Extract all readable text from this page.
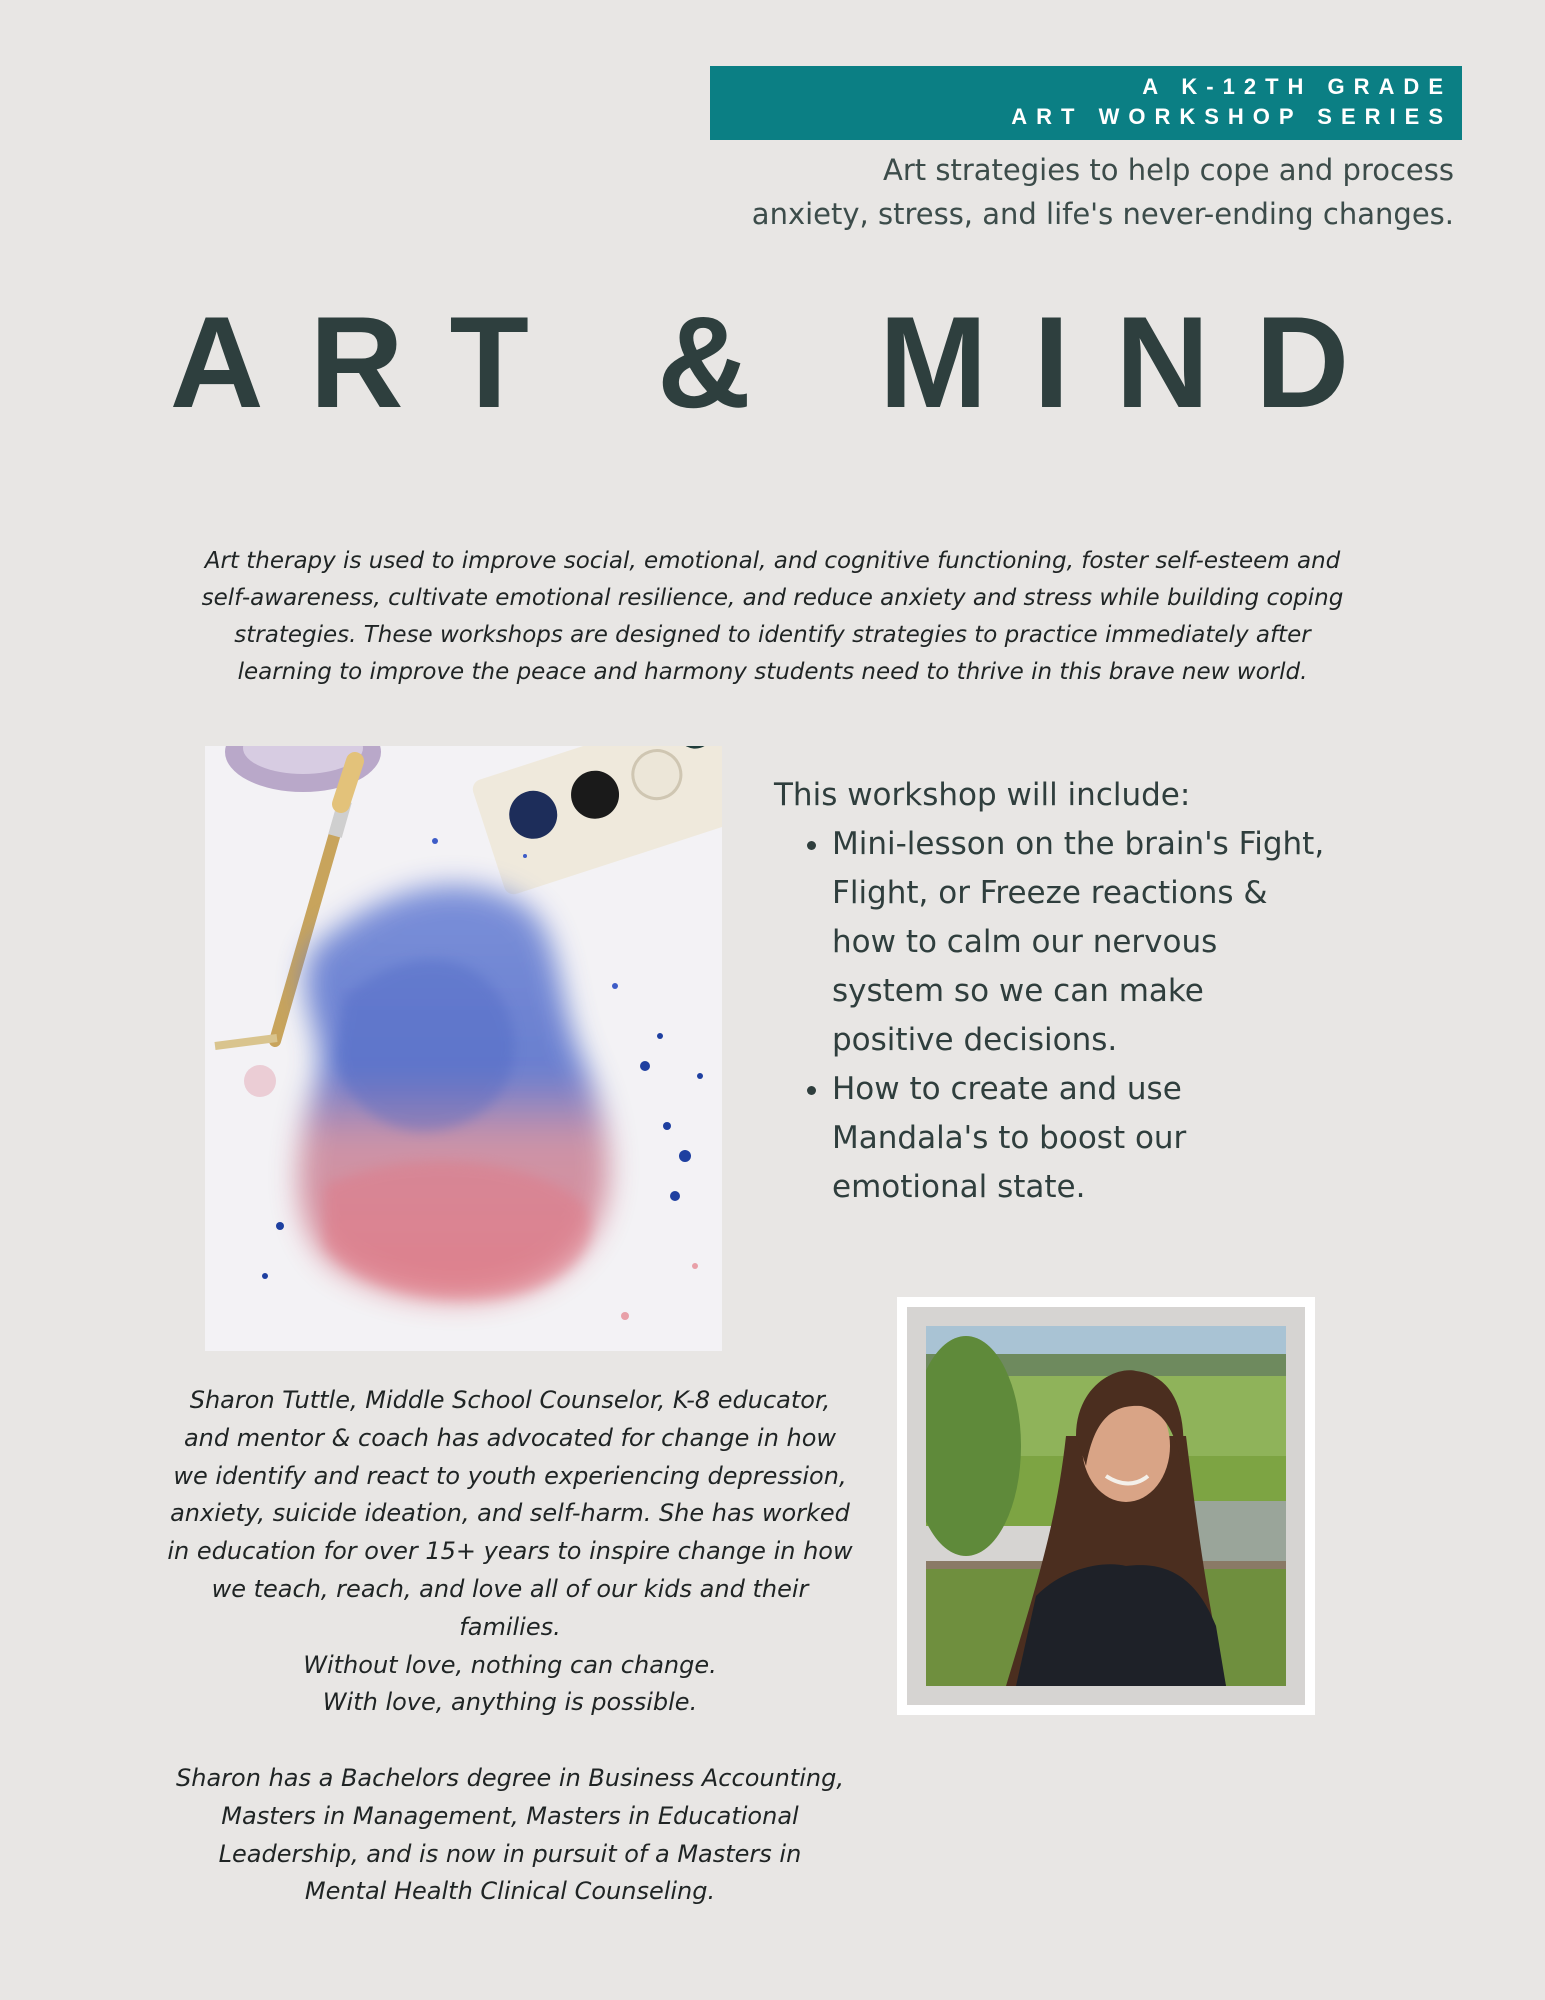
A K-12TH GRADE
ART WORKSHOP SERIES
Art strategies to help cope and process
anxiety, stress, and life's never-ending changes.
ART & MIND
Art therapy is used to improve social, emotional, and cognitive functioning, foster self-esteem and
self-awareness, cultivate emotional resilience, and reduce anxiety and stress while building coping
strategies. These workshops are designed to identify strategies to practice immediately after
learning to improve the peace and harmony students need to thrive in this brave new world.
This workshop will include:
• Mini-lesson on the brain's Fight, Flight, or Freeze reactions & how to calm our nervous system so we can make positive decisions.
• How to create and use Mandala's to boost our emotional state.

Sharon Tuttle, Middle School Counselor, K-8 educator,

and mentor & coach has advocated for change in how

we identify and react to youth experiencing depression,

anxiety, suicide ideation, and self-harm. She has worked

in education for over 15+ years to inspire change in how

we teach, reach, and love all of our kids and their

families.

Without love, nothing can change.

With love, anything is possible.

Sharon has a Bachelors degree in Business Accounting,

Masters in Management, Masters in Educational

Leadership, and is now in pursuit of a Masters in

Mental Health Clinical Counseling.
